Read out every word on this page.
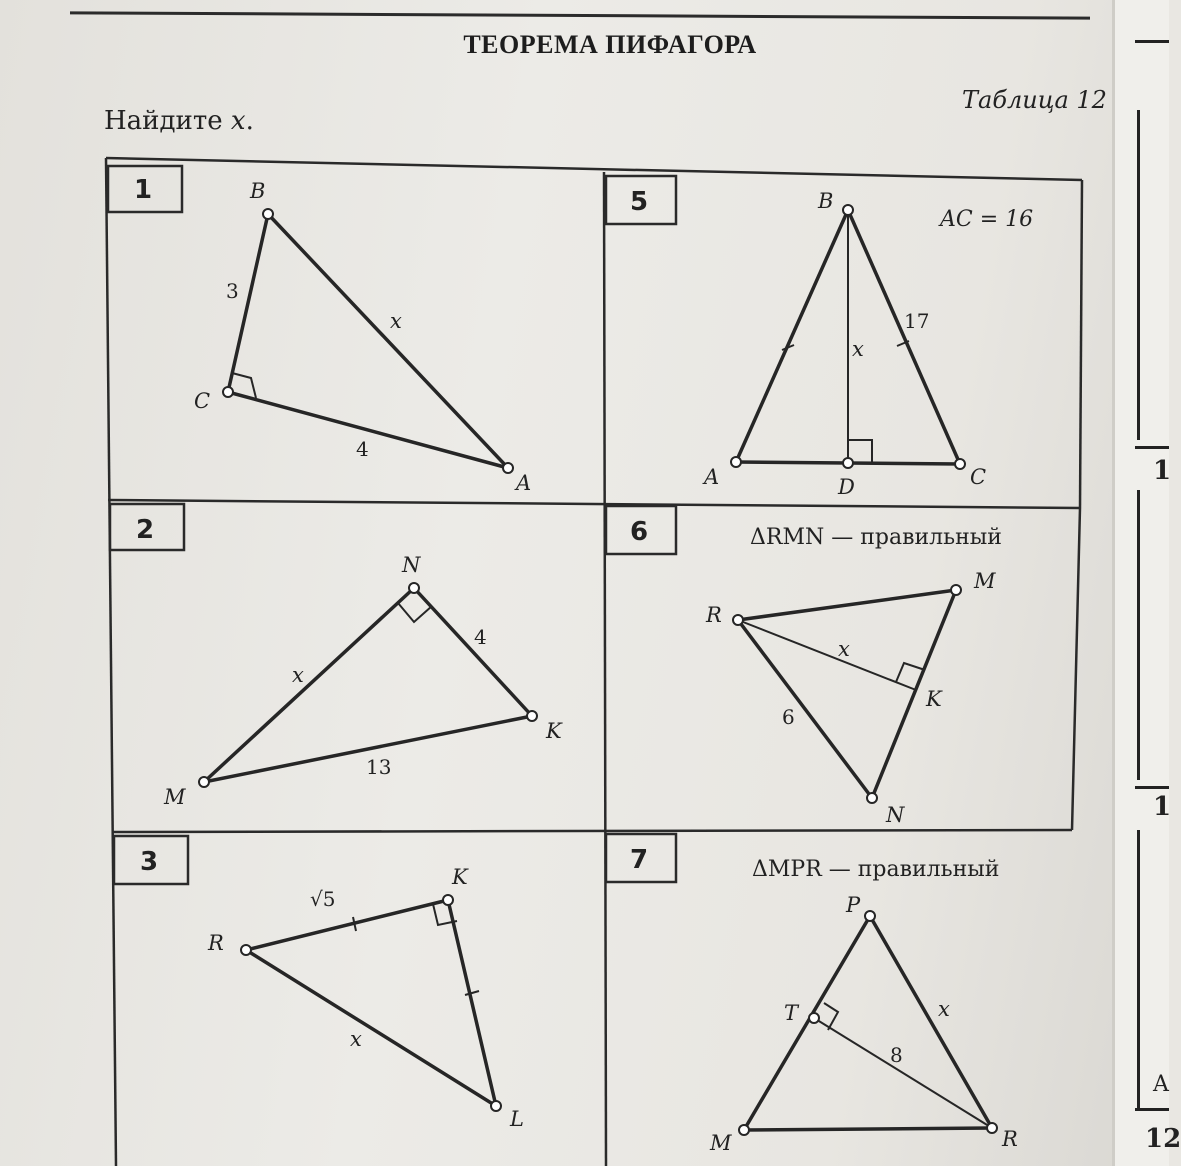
ТЕОРЕМА ПИФАГОРА
Найдите x.
Таблица 12
1	5
2	6
3	7
B
C
A
3
4
x
B
A	C
D
AC = 16
17
x
N
M
K
4
13
x
R
M
N
K
ΔRMN — правильный
6
x
R
K
L
√5
x
P
T
M	R
ΔMPR — правильный
8
x
1
1
A
12
